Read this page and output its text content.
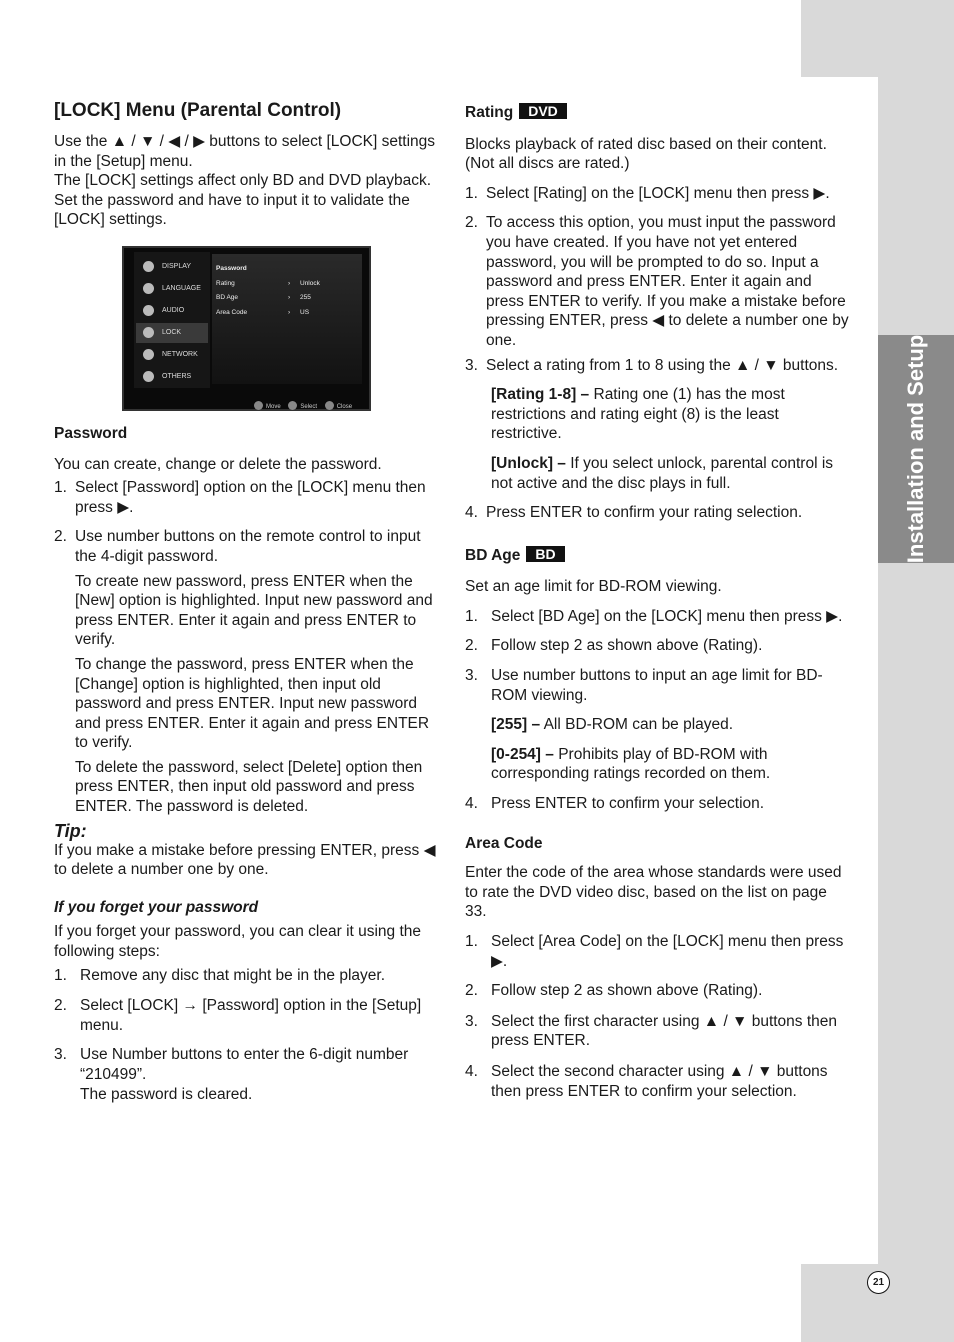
Installation and Setup
21
[LOCK] Menu (Parental Control)

Use the ▲ / ▼ / ◀ / ▶ buttons to select [LOCK] settings in the [Setup] menu.

The [LOCK] settings affect only BD and DVD playback. Set the password and have to input it to validate the [LOCK] settings.

DISPLAY
LANGUAGE
AUDIO
LOCK
NETWORK
OTHERS
Password
Rating	› Unlock
BD Age	› 255
Area Code	› US
Move	Select	Close

Password

You can create, change or delete the password.

1. Select [Password] option on the [LOCK] menu then press ▶.
2. Use number buttons on the remote control to input the 4-digit password.

To create new password, press ENTER when the [New] option is highlighted. Input new password and press ENTER. Enter it again and press ENTER to verify.

To change the password, press ENTER when the [Change] option is highlighted, then input old password and press ENTER. Input new password and press ENTER. Enter it again and press ENTER to verify.

To delete the password, select [Delete] option then press ENTER, then input old password and press ENTER. The password is deleted.

Tip:

If you make a mistake before pressing ENTER, press ◀ to delete a number one by one.

If you forget your password

If you forget your password, you can clear it using the following steps:

1. Remove any disc that might be in the player.
2. Select [LOCK] → [Password] option in the [Setup] menu.
3. Use Number buttons to enter the 6-digit number “210499”.

The password is cleared.

Rating DVD

Blocks playback of rated disc based on their content. (Not all discs are rated.)

1. Select [Rating] on the [LOCK] menu then press ▶.
2. To access this option, you must input the password you have created. If you have not yet entered password, you will be prompted to do so. Input a password and press ENTER. Enter it again and press ENTER to verify. If you make a mistake before pressing ENTER, press ◀ to delete a number one by one.
3. Select a rating from 1 to 8 using the ▲ / ▼ buttons.

[Rating 1-8] – Rating one (1) has the most restrictions and rating eight (8) is the least restrictive.

[Unlock] – If you select unlock, parental control is not active and the disc plays in full.

4. Press ENTER to confirm your rating selection.

BD Age BD

Set an age limit for BD-ROM viewing.

1. Select [BD Age] on the [LOCK] menu then press ▶.
2. Follow step 2 as shown above (Rating).
3. Use number buttons to input an age limit for BD-ROM viewing.

[255] – All BD-ROM can be played.

[0-254] – Prohibits play of BD-ROM with corresponding ratings recorded on them.

4. Press ENTER to confirm your selection.

Area Code

Enter the code of the area whose standards were used to rate the DVD video disc, based on the list on page 33.

1. Select [Area Code] on the [LOCK] menu then press ▶.
2. Follow step 2 as shown above (Rating).
3. Select the first character using ▲ / ▼ buttons then press ENTER.
4. Select the second character using ▲ / ▼ buttons then press ENTER to confirm your selection.
